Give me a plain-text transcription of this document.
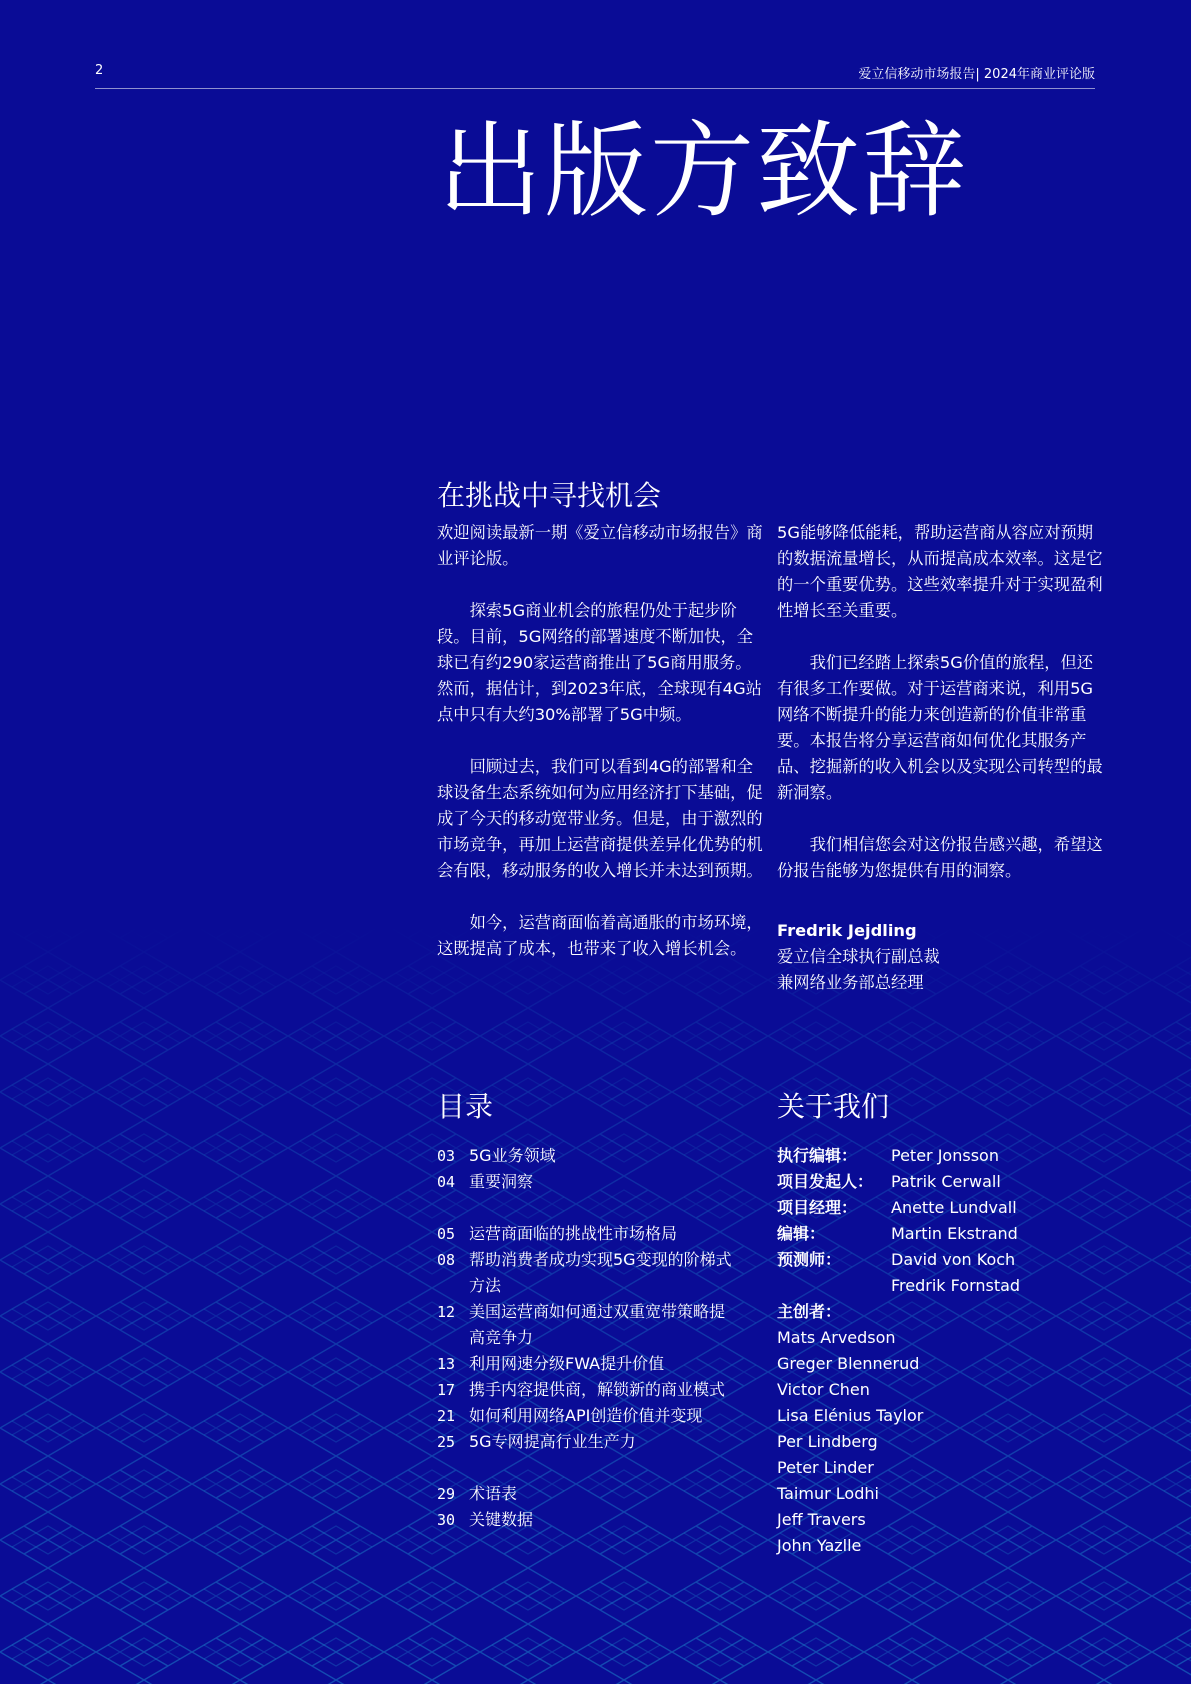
2	爱立信移动市场报告| 2024年商业评论版
出版方致辞
在挑战中寻找机会

欢迎阅读最新一期《爱立信移动市场报告》商业评论版。

探索5G商业机会的旅程仍处于起步阶段。目前，5G网络的部署速度不断加快，全球已有约290家运营商推出了5G商用服务。然而，据估计，到2023年底，全球现有4G站点中只有大约30%部署了5G中频。

回顾过去，我们可以看到4G的部署和全球设备生态系统如何为应用经济打下基础，促成了今天的移动宽带业务。但是，由于激烈的市场竞争，再加上运营商提供差异化优势的机会有限，移动服务的收入增长并未达到预期。

如今，运营商面临着高通胀的市场环境，这既提高了成本，也带来了收入增长机会。

5G能够降低能耗，帮助运营商从容应对预期的数据流量增长，从而提高成本效率。这是它的一个重要优势。这些效率提升对于实现盈利性增长至关重要。

我们已经踏上探索5G价值的旅程，但还有很多工作要做。对于运营商来说，利用5G网络不断提升的能力来创造新的价值非常重要。本报告将分享运营商如何优化其服务产品、挖掘新的收入机会以及实现公司转型的最新洞察。

我们相信您会对这份报告感兴趣，希望这份报告能够为您提供有用的洞察。

Fredrik Jejdling
爱立信全球执行副总裁
兼网络业务部总经理
目录
03 5G业务领域
04 重要洞察
05 运营商面临的挑战性市场格局
08 帮助消费者成功实现5G变现的阶梯式方法
12 美国运营商如何通过双重宽带策略提高竞争力
13 利用网速分级FWA提升价值
17 携手内容提供商，解锁新的商业模式
21 如何利用网络API创造价值并变现
25 5G专网提高行业生产力
29 术语表
30 关键数据
关于我们
执行编辑：	Peter Jonsson
项目发起人：	Patrik Cerwall
项目经理：	Anette Lundvall
编辑：	Martin Ekstrand
预测师：	David von Koch
Fredrik Fornstad
主创者：
Mats Arvedson
Greger Blennerud
Victor Chen
Lisa Elénius Taylor
Per Lindberg
Peter Linder
Taimur Lodhi
Jeff Travers
John Yazlle
